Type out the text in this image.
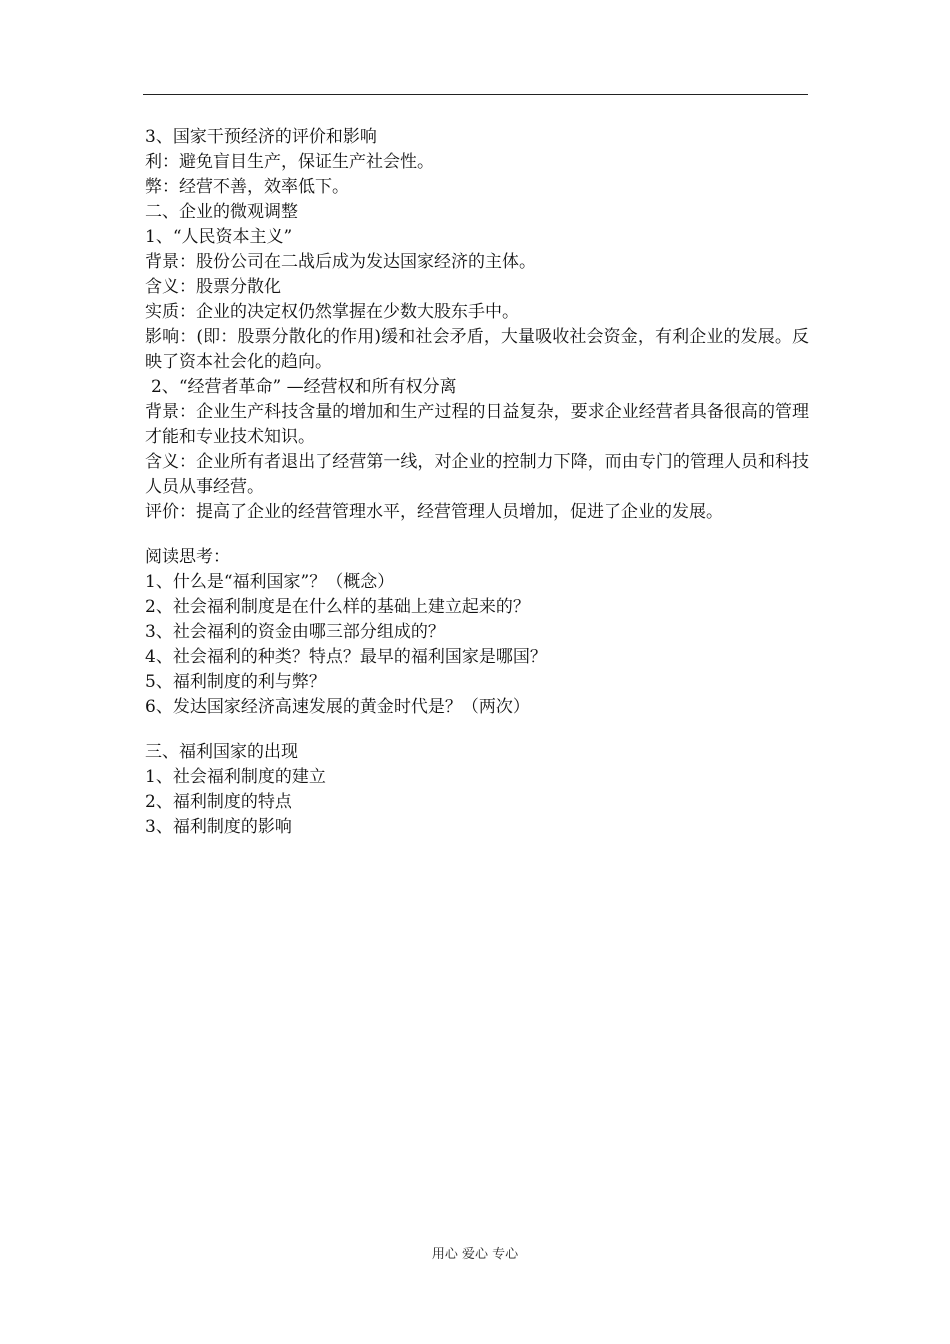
3、国家干预经济的评价和影响
利：避免盲目生产，保证生产社会性。
弊：经营不善，效率低下。
二、企业的微观调整
1、“人民资本主义”
背景：股份公司在二战后成为发达国家经济的主体。
含义：股票分散化
实质：企业的决定权仍然掌握在少数大股东手中。
影响：(即：股票分散化的作用)缓和社会矛盾，大量吸收社会资金，有利企业的发展。反映了资本社会化的趋向。
2、“经营者革命” —经营权和所有权分离
背景：企业生产科技含量的增加和生产过程的日益复杂，要求企业经营者具备很高的管理才能和专业技术知识。
含义：企业所有者退出了经营第一线，对企业的控制力下降，而由专门的管理人员和科技人员从事经营。
评价：提高了企业的经营管理水平，经营管理人员增加，促进了企业的发展。
阅读思考：
1、什么是“福利国家”？（概念）
2、社会福利制度是在什么样的基础上建立起来的？
3、社会福利的资金由哪三部分组成的？
4、社会福利的种类？特点？最早的福利国家是哪国？
5、福利制度的利与弊？
6、发达国家经济高速发展的黄金时代是？（两次）
三、福利国家的出现
1、社会福利制度的建立
2、福利制度的特点
3、福利制度的影响
用心 爱心 专心
